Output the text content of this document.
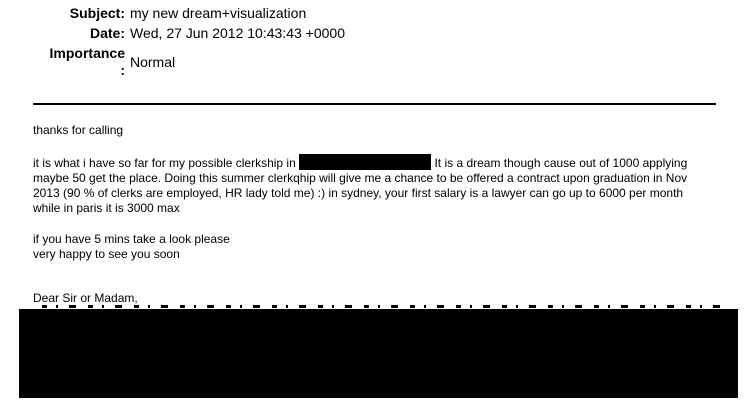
Subject:	my new dream+visualization
Date:	Wed, 27 Jun 2012 10:43:43 +0000
Importance
:	Normal

thanks for calling

it is what i have so far for my possible clerkship in	It is a dream though cause out of 1000 applying maybe 50 get the place. Doing this summer clerkqhip will give me a chance to be offered a contract upon graduation in Nov 2013 (90 % of clerks are employed, HR lady told me) :) in sydney, your first salary is a lawyer can go up to 6000 per month while in paris it is 3000 max

if you have 5 mins take a look please

very happy to see you soon

Dear Sir or Madam,
